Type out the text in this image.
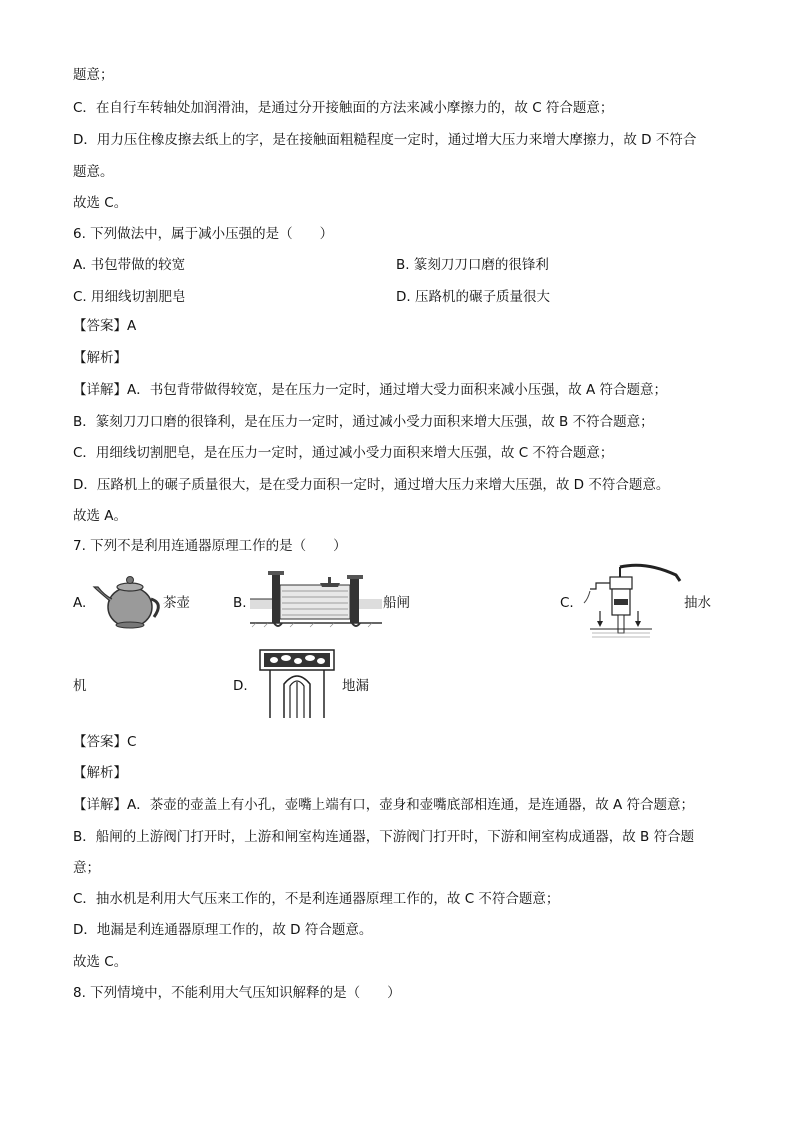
题意；
C．在自行车转轴处加润滑油，是通过分开接触面的方法来减小摩擦力的，故 C 符合题意；
D．用力压住橡皮擦去纸上的字，是在接触面粗糙程度一定时，通过增大压力来增大摩擦力，故 D 不符合
题意。
故选 C。
6. 下列做法中，属于减小压强的是（　　）
A. 书包带做的较宽	B. 篆刻刀刀口磨的很锋利
C. 用细线切割肥皂	D. 压路机的碾子质量很大
【答案】A
【解析】
【详解】A．书包背带做得较宽，是在压力一定时，通过增大受力面积来减小压强，故 A 符合题意；
B．篆刻刀刀口磨的很锋利，是在压力一定时，通过减小受力面积来增大压强，故 B 不符合题意；
C．用细线切割肥皂，是在压力一定时，通过减小受力面积来增大压强，故 C 不符合题意；
D．压路机上的碾子质量很大，是在受力面积一定时，通过增大压力来增大压强，故 D 不符合题意。
故选 A。
7. 下列不是利用连通器原理工作的是（　　）
A.	茶壶	B.	船闸	C.	抽水
机	D.	地漏
【答案】C
【解析】
【详解】A．茶壶的壶盖上有小孔，壶嘴上端有口，壶身和壶嘴底部相连通，是连通器，故 A 符合题意；
B．船闸的上游阀门打开时，上游和闸室构连通器，下游阀门打开时，下游和闸室构成通器，故 B 符合题
意；
C．抽水机是利用大气压来工作的，不是利连通器原理工作的，故 C 不符合题意；
D．地漏是利连通器原理工作的，故 D 符合题意。
故选 C。
8. 下列情境中，不能利用大气压知识解释的是（　　）
